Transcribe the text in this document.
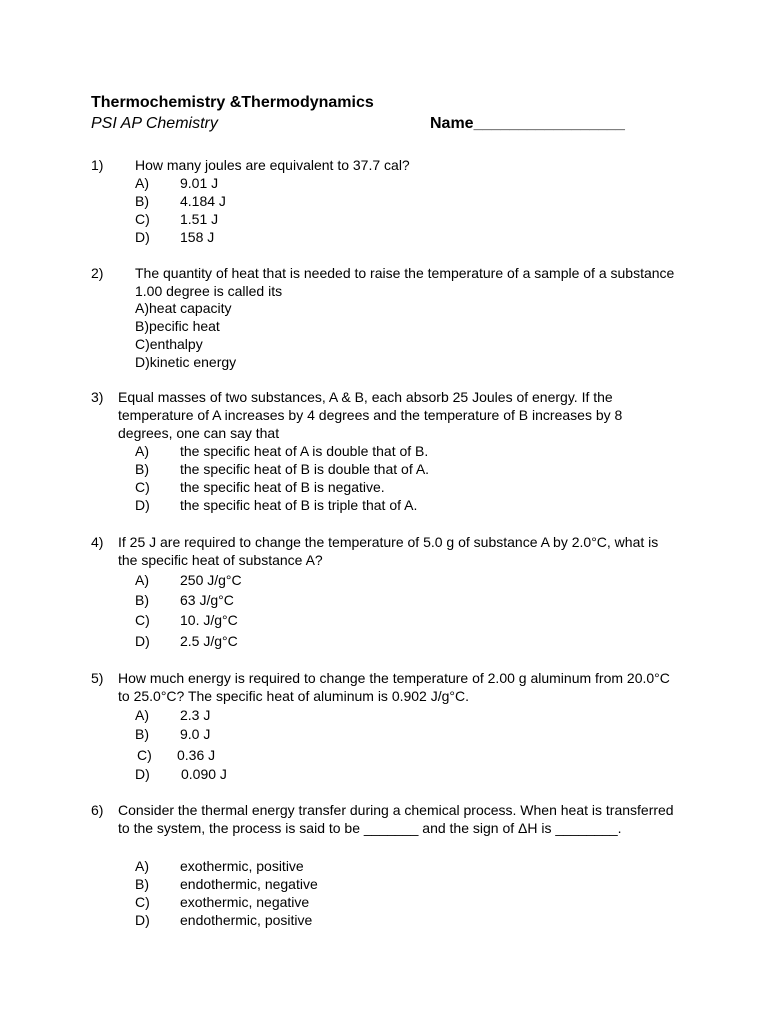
Thermochemistry &Thermodynamics
PSI AP Chemistry	Name_________________
1) How many joules are equivalent to 37.7 cal?
A) 9.01 J
B) 4.184 J
C) 1.51 J
D) 158 J
2) The quantity of heat that is needed to raise the temperature of a sample of a substance 1.00 degree is called its
A)heat capacity
B)pecific heat
C)enthalpy
D)kinetic energy
3) Equal masses of two substances, A & B, each absorb 25 Joules of energy. If the temperature of A increases by 4 degrees and the temperature of B increases by 8 degrees, one can say that
A) the specific heat of A is double that of B.
B) the specific heat of B is double that of A.
C) the specific heat of B is negative.
D) the specific heat of B is triple that of A.
4) If 25 J are required to change the temperature of 5.0 g of substance A by 2.0°C, what is the specific heat of substance A?
A) 250 J/g°C
B) 63 J/g°C
C) 10. J/g°C
D) 2.5 J/g°C
5) How much energy is required to change the temperature of 2.00 g aluminum from 20.0°C to 25.0°C? The specific heat of aluminum is 0.902 J/g°C.
A) 2.3 J
B) 9.0 J
C) 0.36 J
D) 0.090 J
6) Consider the thermal energy transfer during a chemical process. When heat is transferred to the system, the process is said to be _______ and the sign of ΔH is ________.
A) exothermic, positive
B) endothermic, negative
C) exothermic, negative
D) endothermic, positive
